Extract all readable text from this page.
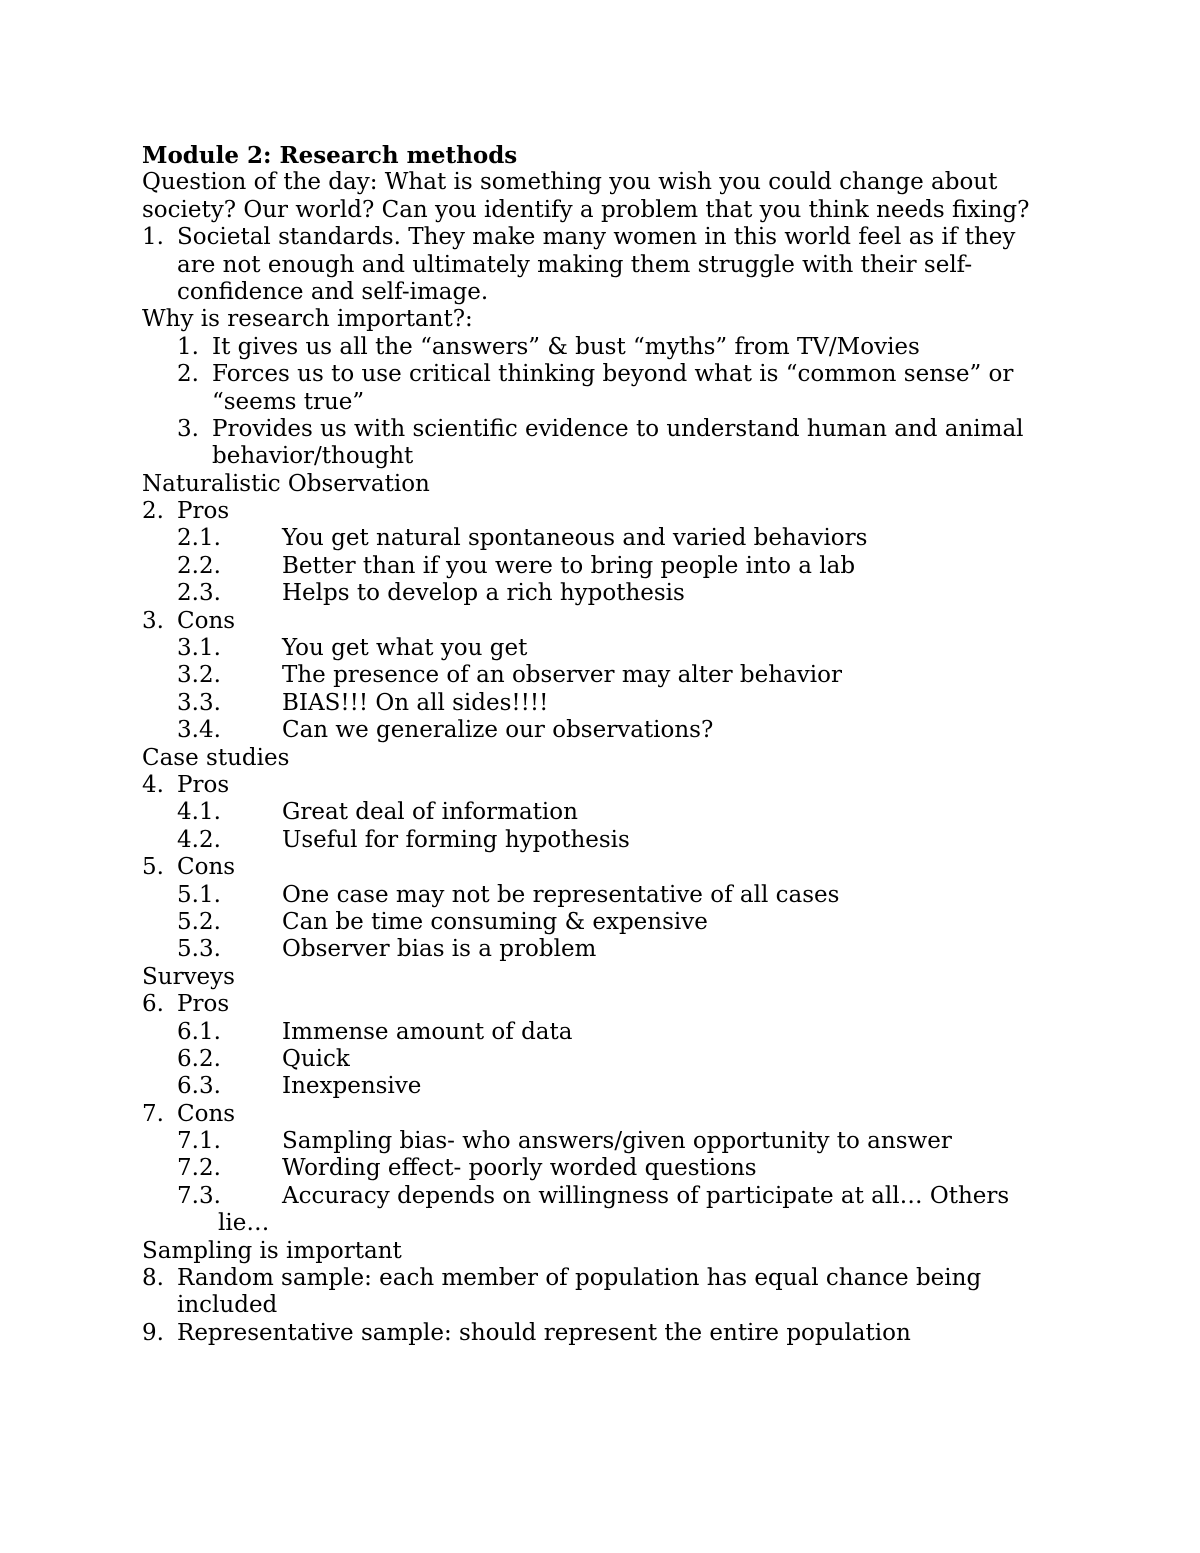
Module 2: Research methods
Question of the day: What is something you wish you could change about
society? Our world? Can you identify a problem that you think needs fixing?
1. Societal standards. They make many women in this world feel as if they
are not enough and ultimately making them struggle with their self-
confidence and self-image.
Why is research important?:
1. It gives us all the “answers” & bust “myths” from TV/Movies
2. Forces us to use critical thinking beyond what is “common sense” or
“seems true”
3. Provides us with scientific evidence to understand human and animal
behavior/thought
Naturalistic Observation
2. Pros
2.1.	You get natural spontaneous and varied behaviors
2.2.	Better than if you were to bring people into a lab
2.3.	Helps to develop a rich hypothesis
3. Cons
3.1.	You get what you get
3.2.	The presence of an observer may alter behavior
3.3.	BIAS!!! On all sides!!!!
3.4.	Can we generalize our observations?
Case studies
4. Pros
4.1.	Great deal of information
4.2.	Useful for forming hypothesis
5. Cons
5.1.	One case may not be representative of all cases
5.2.	Can be time consuming & expensive
5.3.	Observer bias is a problem
Surveys
6. Pros
6.1.	Immense amount of data
6.2.	Quick
6.3.	Inexpensive
7. Cons
7.1.	Sampling bias- who answers/given opportunity to answer
7.2.	Wording effect- poorly worded questions
7.3.	Accuracy depends on willingness of participate at all… Others
lie…
Sampling is important
8. Random sample: each member of population has equal chance being
included
9. Representative sample: should represent the entire population
